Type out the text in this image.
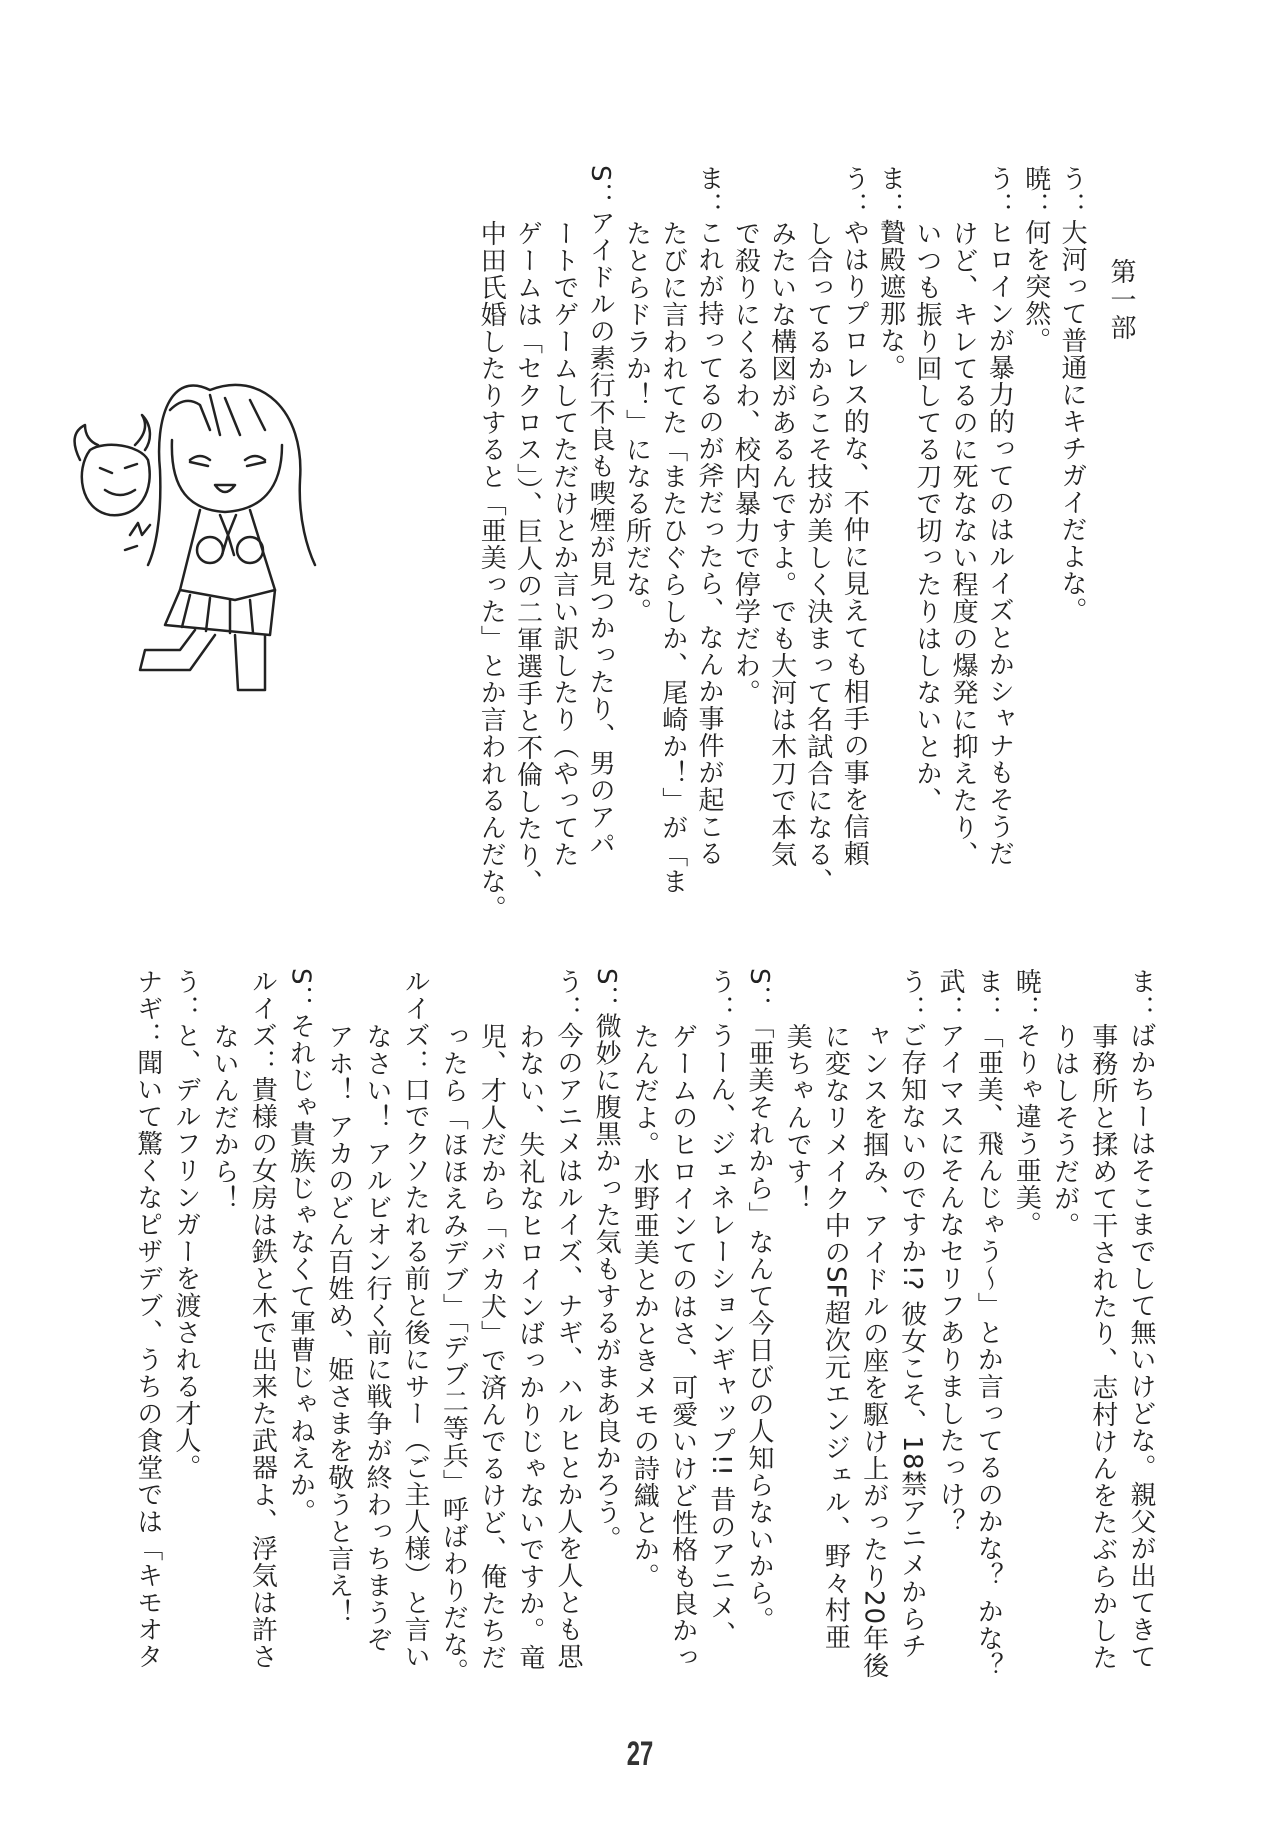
第一部
う：大河って普通にキチガイだよな。
暁：何を突然。
う：ヒロインが暴力的ってのはルイズとかシャナもそうだ
けど、キレてるのに死なない程度の爆発に抑えたり、
いつも振り回してる刀で切ったりはしないとか、
ま：贄殿遮那な。
う：やはりプロレス的な、不仲に見えても相手の事を信頼
し合ってるからこそ技が美しく決まって名試合になる、
みたいな構図があるんですよ。でも大河は木刀で本気
で殺りにくるわ、校内暴力で停学だわ。
ま：これが持ってるのが斧だったら、なんか事件が起こる
たびに言われてた「またひぐらしか、尾崎か！」が「ま
たとらドラか！」になる所だな。
S：アイドルの素行不良も喫煙が見つかったり、男のアパ
ートでゲームしてただけとか言い訳したり（やってた
ゲームは「セクロス」）、巨人の二軍選手と不倫したり、
中田氏婚したりすると「亜美った」とか言われるんだな。
ま：ばかちーはそこまでして無いけどな。親父が出てきて
事務所と揉めて干されたり、志村けんをたぶらかした
りはしそうだが。
暁：そりゃ違う亜美。
ま：「亜美、飛んじゃう〜」とか言ってるのかな？ かな？
武：アイマスにそんなセリフありましたっけ？
う：ご存知ないのですか!? 彼女こそ、18禁アニメからチ
ャンスを掴み、アイドルの座を駆け上がったり20年後
に変なリメイク中のSF超次元エンジェル、野々村亜
美ちゃんです！
S：「亜美それから」なんて今日びの人知らないから。
う：うーん、ジェネレーションギャップ!! 昔のアニメ、
ゲームのヒロインてのはさ、可愛いけど性格も良かっ
たんだよ。水野亜美とかときメモの詩織とか。
S：微妙に腹黒かった気もするがまあ良かろう。
う：今のアニメはルイズ、ナギ、ハルヒとか人を人とも思
わない、失礼なヒロインばっかりじゃないですか。竜
児、才人だから「バカ犬」で済んでるけど、俺たちだ
ったら「ほほえみデブ」「デブ二等兵」呼ばわりだな。
ルイズ：口でクソたれる前と後にサー（ご主人様）と言い
なさい！ アルビオン行く前に戦争が終わっちまうぞ
アホ！ アカのどん百姓め、姫さまを敬うと言え！
S：それじゃ貴族じゃなくて軍曹じゃねえか。
ルイズ：貴様の女房は鉄と木で出来た武器よ、浮気は許さ
ないんだから！
う：と、デルフリンガーを渡される才人。
ナギ：聞いて驚くなピザデブ、うちの食堂では「キモオタ
27
